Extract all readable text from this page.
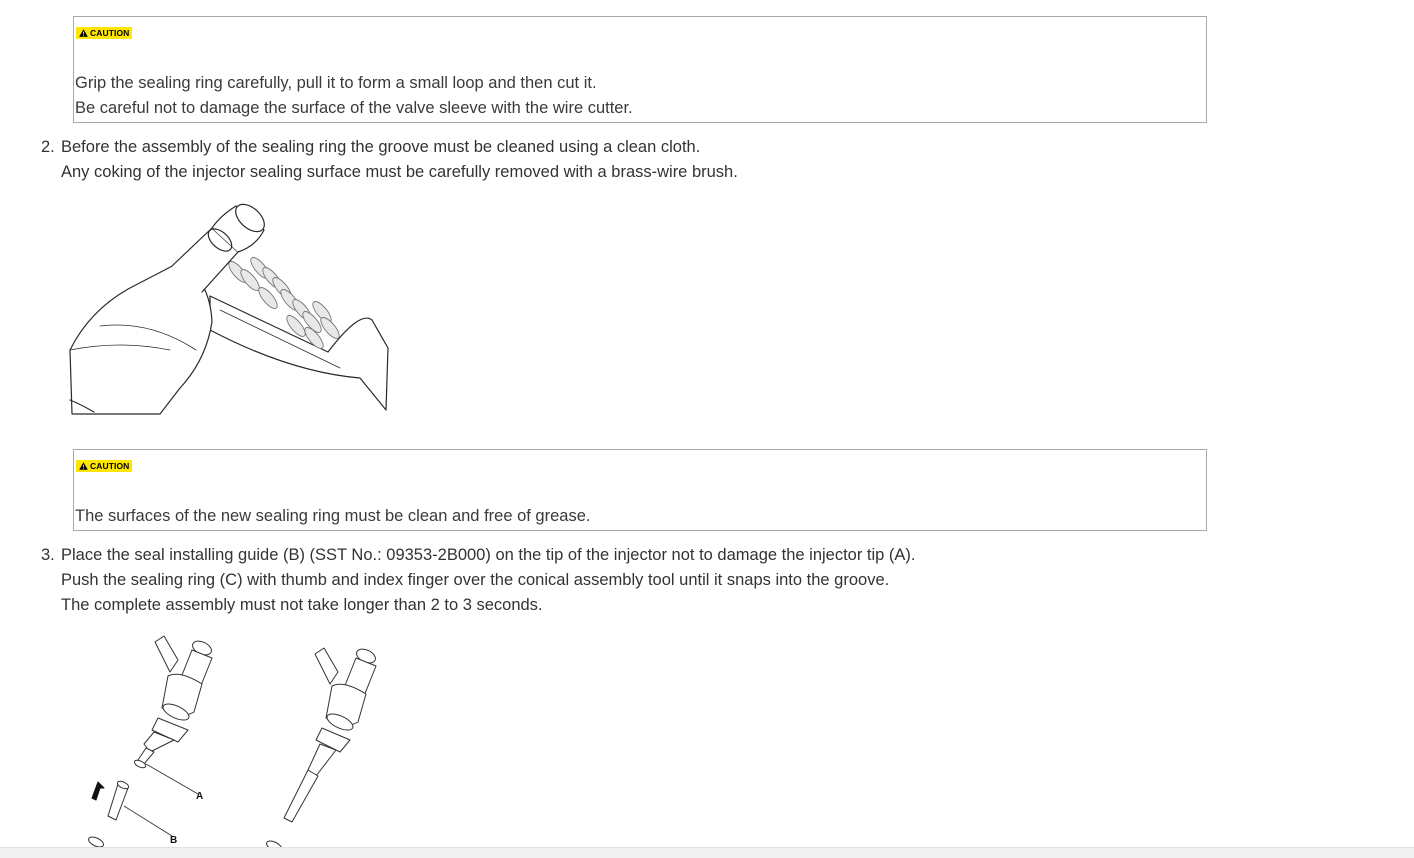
CAUTION
Grip the sealing ring carefully, pull it to form a small loop and then cut it.
Be careful not to damage the surface of the valve sleeve with the wire cutter.
2. Before the assembly of the sealing ring the groove must be cleaned using a clean cloth.
Any coking of the injector sealing surface must be carefully removed with a brass-wire brush.
CAUTION
The surfaces of the new sealing ring must be clean and free of grease.
3. Place the seal installing guide (B) (SST No.: 09353-2B000) on the tip of the injector not to damage the injector tip (A).
Push the sealing ring (C) with thumb and index finger over the conical assembly tool until it snaps into the groove.
The complete assembly must not take longer than 2 to 3 seconds.
A
B
